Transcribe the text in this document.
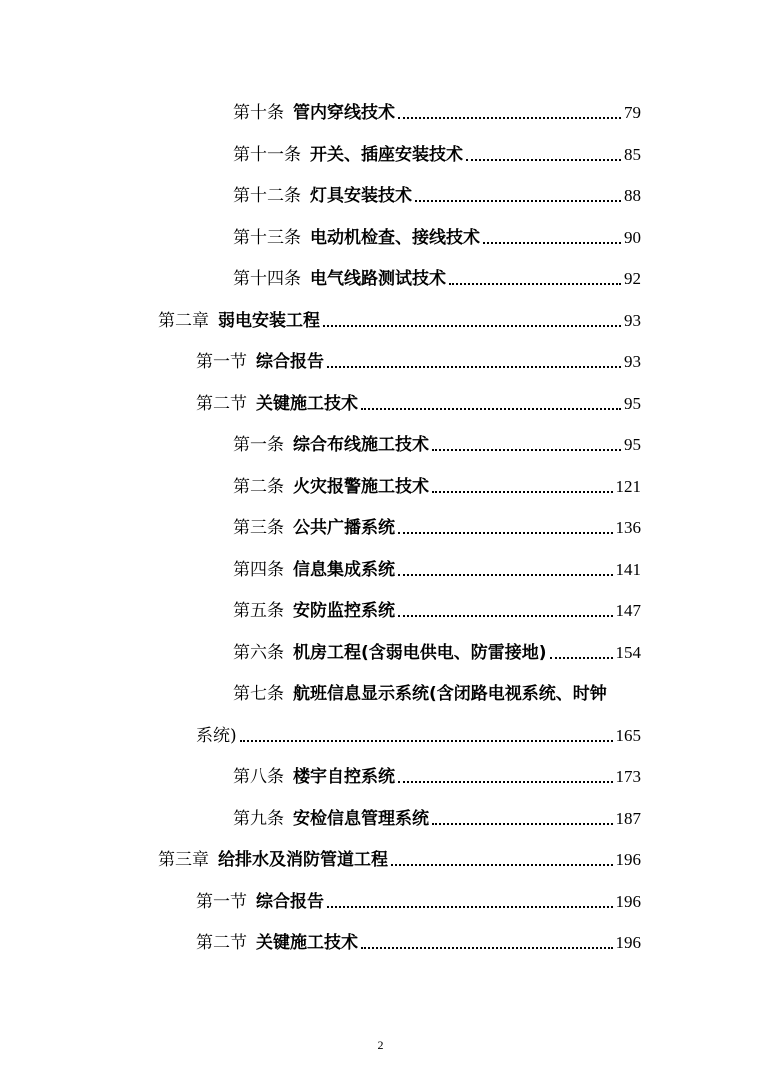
第十条 管内穿线技术	79
第十一条 开关、插座安装技术	85
第十二条 灯具安装技术	88
第十三条 电动机检查、接线技术	90
第十四条 电气线路测试技术	92
第二章 弱电安装工程	93
第一节 综合报告	93
第二节 关键施工技术	95
第一条 综合布线施工技术	95
第二条 火灾报警施工技术	121
第三条 公共广播系统	136
第四条 信息集成系统	141
第五条 安防监控系统	147
第六条 机房工程(含弱电供电、防雷接地)	154
第七条 航班信息显示系统(含闭路电视系统、时钟
系统)	165
第八条 楼宇自控系统	173
第九条 安检信息管理系统	187
第三章 给排水及消防管道工程	196
第一节 综合报告	196
第二节 关键施工技术	196
2
